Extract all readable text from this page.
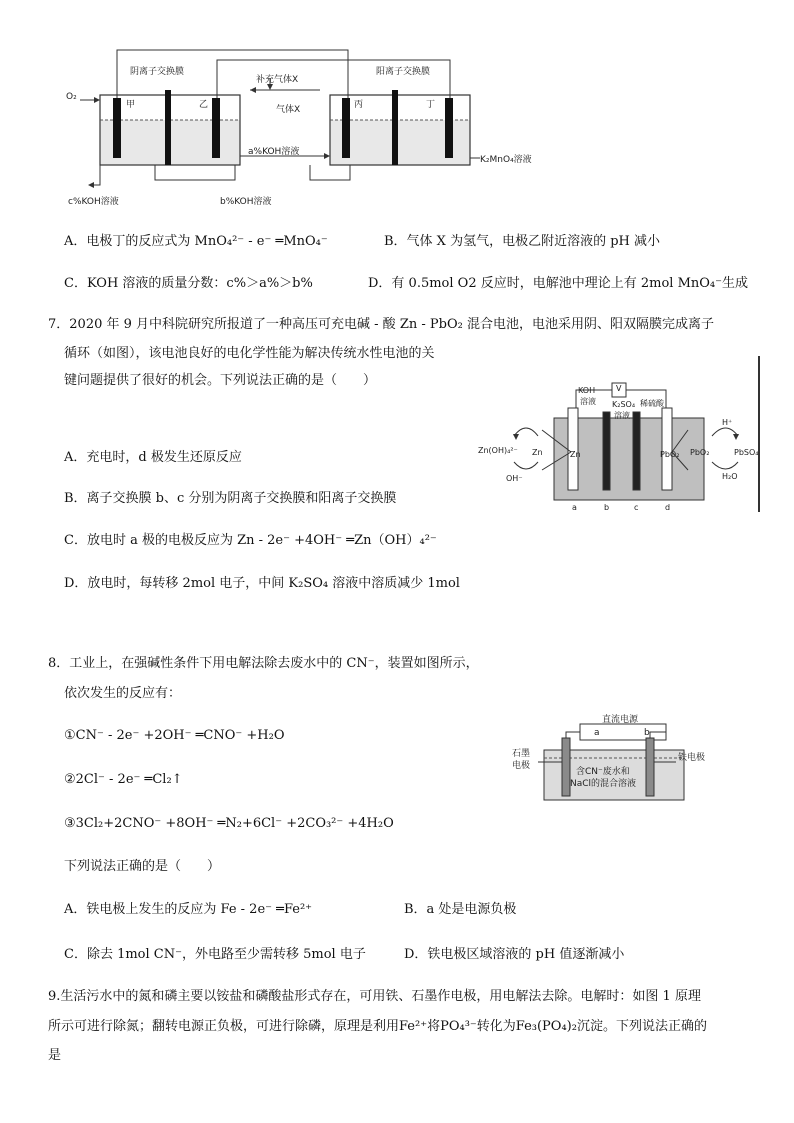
O₂
阴离子交换膜	阳离子交换膜
补充气体X
气体X
甲	乙	丙	丁
a%KOH溶液
b%KOH溶液
c%KOH溶液
K₂MnO₄溶液
A．电极丁的反应式为 MnO₄²⁻ - e⁻ ═MnO₄⁻	B．气体 X 为氢气，电极乙附近溶液的 pH 减小
C．KOH 溶液的质量分数：c%＞a%＞b%	D．有 0.5mol O2 反应时，电解池中理论上有 2mol MnO₄⁻生成
7．2020 年 9 月中科院研究所报道了一种高压可充电碱 - 酸 Zn - PbO₂ 混合电池，电池采用阴、阳双隔膜完成离子
循环（如图），该电池良好的电化学性能为解决传统水性电池的关
键问题提供了很好的机会。下列说法正确的是（　　）
V
KOH
溶液 K₂SO₄
溶液
稀硫酸
Zn	PbO₂
Zn(OH)₄²⁻ Zn
OH⁻
H⁺
PbO₂	PbSO₄
H₂O
a	b	c	d
A．充电时，d 极发生还原反应
B．离子交换膜 b、c 分别为阴离子交换膜和阳离子交换膜
C．放电时 a 极的电极反应为 Zn - 2e⁻ +4OH⁻ ═Zn（OH）₄²⁻
D．放电时，每转移 2mol 电子，中间 K₂SO₄ 溶液中溶质减少 1mol
8．工业上，在强碱性条件下用电解法除去废水中的 CN⁻，装置如图所示，
依次发生的反应有：
①CN⁻ - 2e⁻ +2OH⁻ ═CNO⁻ +H₂O
②2Cl⁻ - 2e⁻ ═Cl₂↑
③3Cl₂+2CNO⁻ +8OH⁻ ═N₂+6Cl⁻ +2CO₃²⁻ +4H₂O
下列说法正确的是（　　）
直流电源
a	b
石墨
电极
铁电极
含CN⁻废水和
NaCl的混合溶液
A．铁电极上发生的反应为 Fe - 2e⁻ ═Fe²⁺	B．a 处是电源负极
C．除去 1mol CN⁻，外电路至少需转移 5mol 电子	D．铁电极区域溶液的 pH 值逐渐减小
9.生活污水中的氮和磷主要以铵盐和磷酸盐形式存在，可用铁、石墨作电极，用电解法去除。电解时：如图 1 原理
所示可进行除氮；翻转电源正负极，可进行除磷，原理是利用Fe²⁺将PO₄³⁻转化为Fe₃(PO₄)₂沉淀。下列说法正确的
是
